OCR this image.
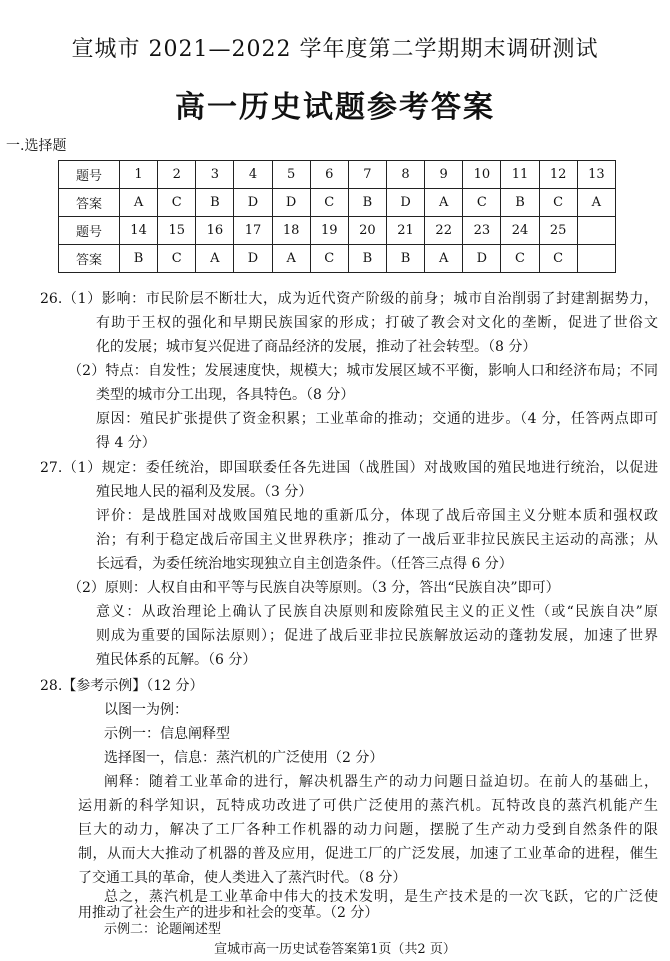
宣城市 2021—2022 学年度第二学期期末调研测试
高一历史试题参考答案
一.选择题
题号	1	2	3	4	5	6	7	8	9	10	11	12	13
答案	A	C	B	D	D	C	B	D	A	C	B	C	A
题号	14	15	16	17	18	19	20	21	22	23	24	25	
答案	B	C	A	D	A	C	B	B	A	D	C	C	
26.（1）影响：市民阶层不断壮大，成为近代资产阶级的前身；城市自治削弱了封建割据势力，
有助于王权的强化和早期民族国家的形成；打破了教会对文化的垄断，促进了世俗文
化的发展；城市复兴促进了商品经济的发展，推动了社会转型。（8 分）
（2）特点：自发性；发展速度快，规模大；城市发展区域不平衡，影响人口和经济布局；不同
类型的城市分工出现，各具特色。（8 分）
原因：殖民扩张提供了资金积累；工业革命的推动；交通的进步。（4 分，任答两点即可
得 4 分）
27.（1）规定：委任统治，即国联委任各先进国（战胜国）对战败国的殖民地进行统治，以促进
殖民地人民的福利及发展。（3 分）
评价：是战胜国对战败国殖民地的重新瓜分，体现了战后帝国主义分赃本质和强权政
治；有利于稳定战后帝国主义世界秩序；推动了一战后亚非拉民族民主运动的高涨；从
长远看，为委任统治地实现独立自主创造条件。（任答三点得 6 分）
（2）原则：人权自由和平等与民族自决等原则。（3 分，答出“民族自决”即可）
意义：从政治理论上确认了民族自决原则和废除殖民主义的正义性（或“民族自决”原
则成为重要的国际法原则）；促进了战后亚非拉民族解放运动的蓬勃发展，加速了世界
殖民体系的瓦解。（6 分）
28.【参考示例】（12 分）
以图一为例：
示例一：信息阐释型
选择图一，信息：蒸汽机的广泛使用（2 分）
阐释：随着工业革命的进行，解决机器生产的动力问题日益迫切。在前人的基础上，
运用新的科学知识，瓦特成功改进了可供广泛使用的蒸汽机。瓦特改良的蒸汽机能产生
巨大的动力，解决了工厂各种工作机器的动力问题，摆脱了生产动力受到自然条件的限
制，从而大大推动了机器的普及应用，促进工厂的广泛发展，加速了工业革命的进程，催生
了交通工具的革命，使人类进入了蒸汽时代。（8 分）
总之，蒸汽机是工业革命中伟大的技术发明，是生产技术是的一次飞跃，它的广泛使
用推动了社会生产的进步和社会的变革。（2 分）
示例二：论题阐述型
宣城市高一历史试卷答案第1页（共2 页）
